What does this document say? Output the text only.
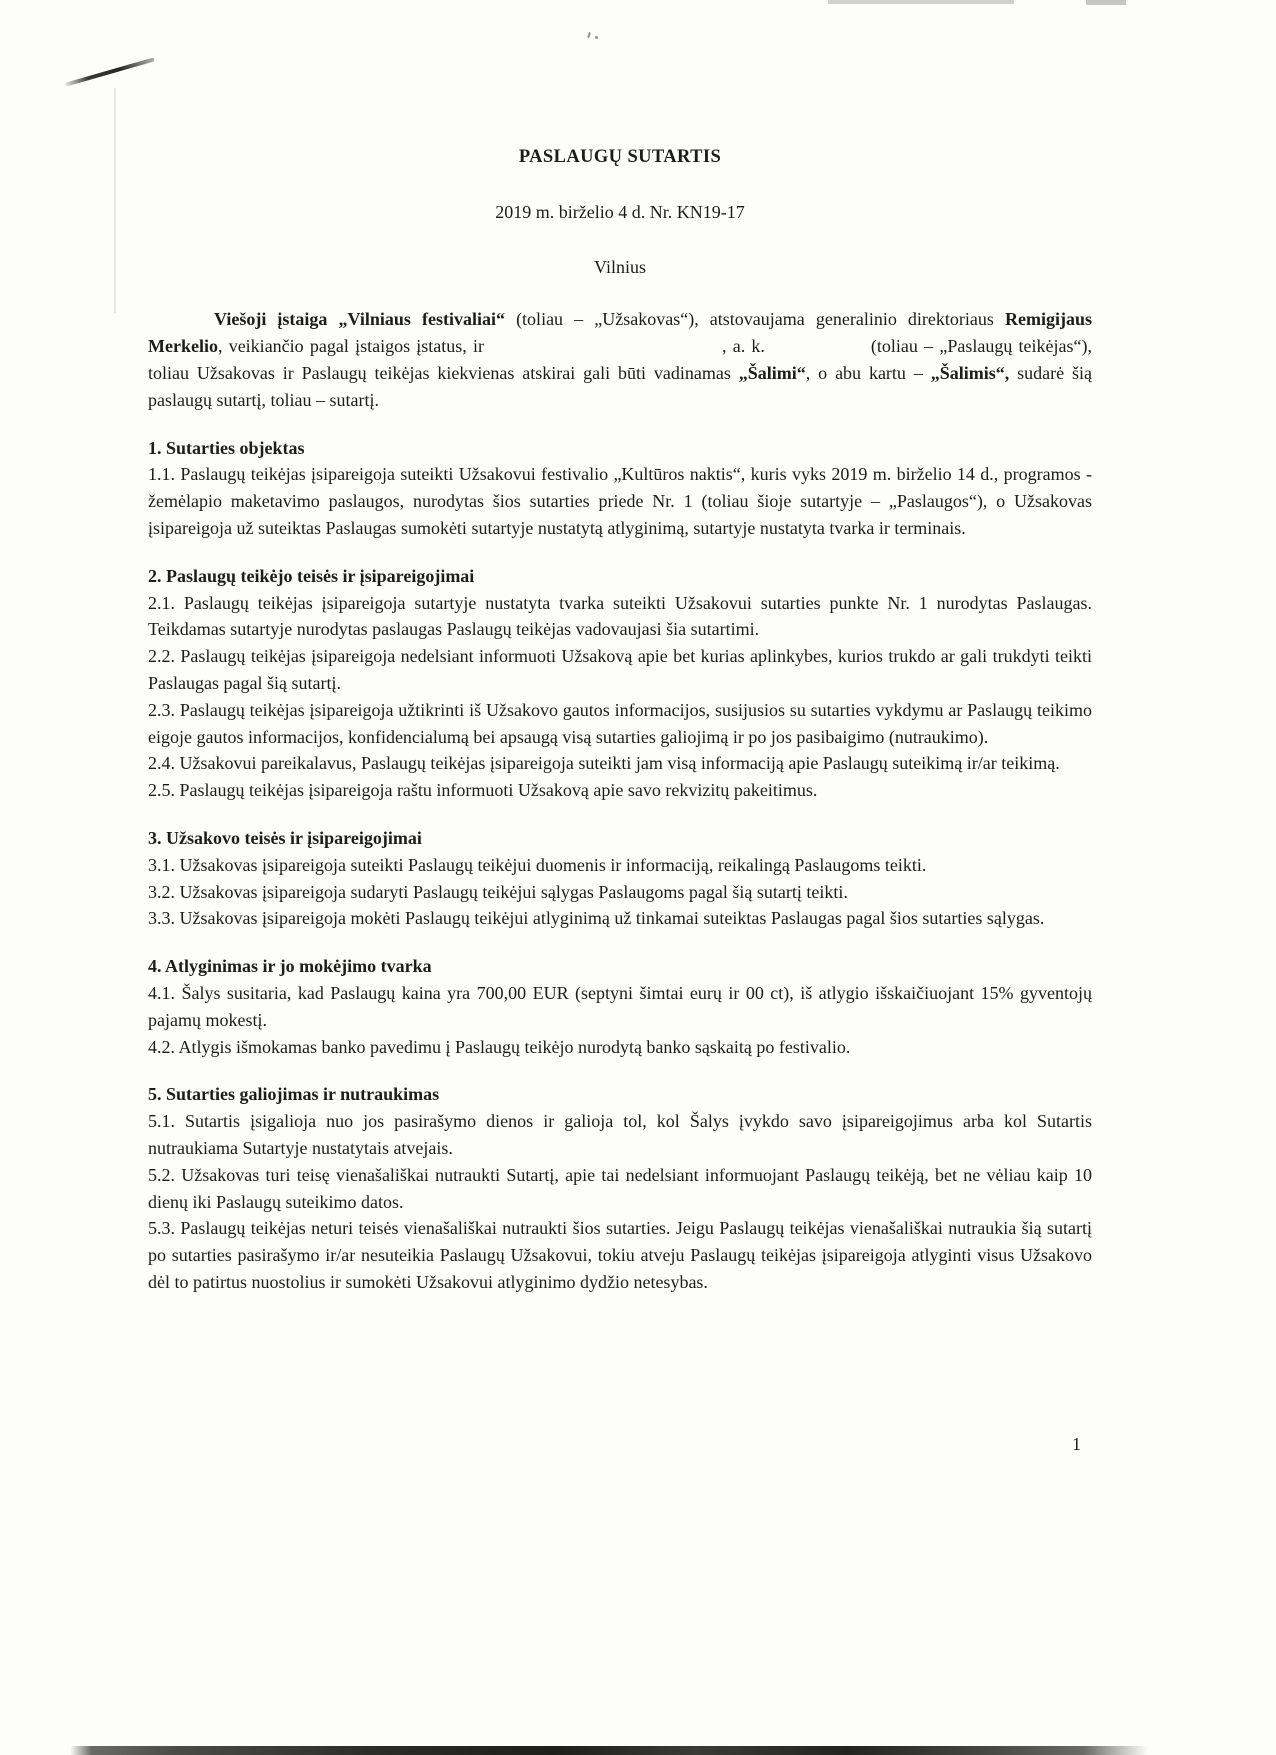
PASLAUGŲ SUTARTIS

2019 m. birželio 4 d. Nr. KN19-17

Vilnius

Viešoji įstaiga „Vilniaus festivaliai“ (toliau – „Užsakovas“), atstovaujama generalinio direktoriaus Remigijaus Merkelio, veikiančio pagal įstaigos įstatus, ir	, a. k.	(toliau – „Paslaugų teikėjas“), toliau Užsakovas ir Paslaugų teikėjas kiekvienas atskirai gali būti vadinamas „Šalimi“, o abu kartu – „Šalimis“, sudarė šią paslaugų sutartį, toliau – sutartį.

1. Sutarties objektas

1.1. Paslaugų teikėjas įsipareigoja suteikti Užsakovui festivalio „Kultūros naktis“, kuris vyks 2019 m. birželio 14 d., programos - žemėlapio maketavimo paslaugos, nurodytas šios sutarties priede Nr. 1 (toliau šioje sutartyje – „Paslaugos“), o Užsakovas įsipareigoja už suteiktas Paslaugas sumokėti sutartyje nustatytą atlyginimą, sutartyje nustatyta tvarka ir terminais.

2. Paslaugų teikėjo teisės ir įsipareigojimai

2.1. Paslaugų teikėjas įsipareigoja sutartyje nustatyta tvarka suteikti Užsakovui sutarties punkte Nr. 1 nurodytas Paslaugas. Teikdamas sutartyje nurodytas paslaugas Paslaugų teikėjas vadovaujasi šia sutartimi.

2.2. Paslaugų teikėjas įsipareigoja nedelsiant informuoti Užsakovą apie bet kurias aplinkybes, kurios trukdo ar gali trukdyti teikti Paslaugas pagal šią sutartį.

2.3. Paslaugų teikėjas įsipareigoja užtikrinti iš Užsakovo gautos informacijos, susijusios su sutarties vykdymu ar Paslaugų teikimo eigoje gautos informacijos, konfidencialumą bei apsaugą visą sutarties galiojimą ir po jos pasibaigimo (nutraukimo).

2.4. Užsakovui pareikalavus, Paslaugų teikėjas įsipareigoja suteikti jam visą informaciją apie Paslaugų suteikimą ir/ar teikimą.

2.5. Paslaugų teikėjas įsipareigoja raštu informuoti Užsakovą apie savo rekvizitų pakeitimus.

3. Užsakovo teisės ir įsipareigojimai

3.1. Užsakovas įsipareigoja suteikti Paslaugų teikėjui duomenis ir informaciją, reikalingą Paslaugoms teikti.

3.2. Užsakovas įsipareigoja sudaryti Paslaugų teikėjui sąlygas Paslaugoms pagal šią sutartį teikti.

3.3. Užsakovas įsipareigoja mokėti Paslaugų teikėjui atlyginimą už tinkamai suteiktas Paslaugas pagal šios sutarties sąlygas.

4. Atlyginimas ir jo mokėjimo tvarka

4.1. Šalys susitaria, kad Paslaugų kaina yra 700,00 EUR (septyni šimtai eurų ir 00 ct), iš atlygio išskaičiuojant 15% gyventojų pajamų mokestį.

4.2. Atlygis išmokamas banko pavedimu į Paslaugų teikėjo nurodytą banko sąskaitą po festivalio.

5. Sutarties galiojimas ir nutraukimas

5.1. Sutartis įsigalioja nuo jos pasirašymo dienos ir galioja tol, kol Šalys įvykdo savo įsipareigojimus arba kol Sutartis nutraukiama Sutartyje nustatytais atvejais.

5.2. Užsakovas turi teisę vienašališkai nutraukti Sutartį, apie tai nedelsiant informuojant Paslaugų teikėją, bet ne vėliau kaip 10 dienų iki Paslaugų suteikimo datos.

5.3. Paslaugų teikėjas neturi teisės vienašališkai nutraukti šios sutarties. Jeigu Paslaugų teikėjas vienašališkai nutraukia šią sutartį po sutarties pasirašymo ir/ar nesuteikia Paslaugų Užsakovui, tokiu atveju Paslaugų teikėjas įsipareigoja atlyginti visus Užsakovo dėl to patirtus nuostolius ir sumokėti Užsakovui atlyginimo dydžio netesybas.

1
